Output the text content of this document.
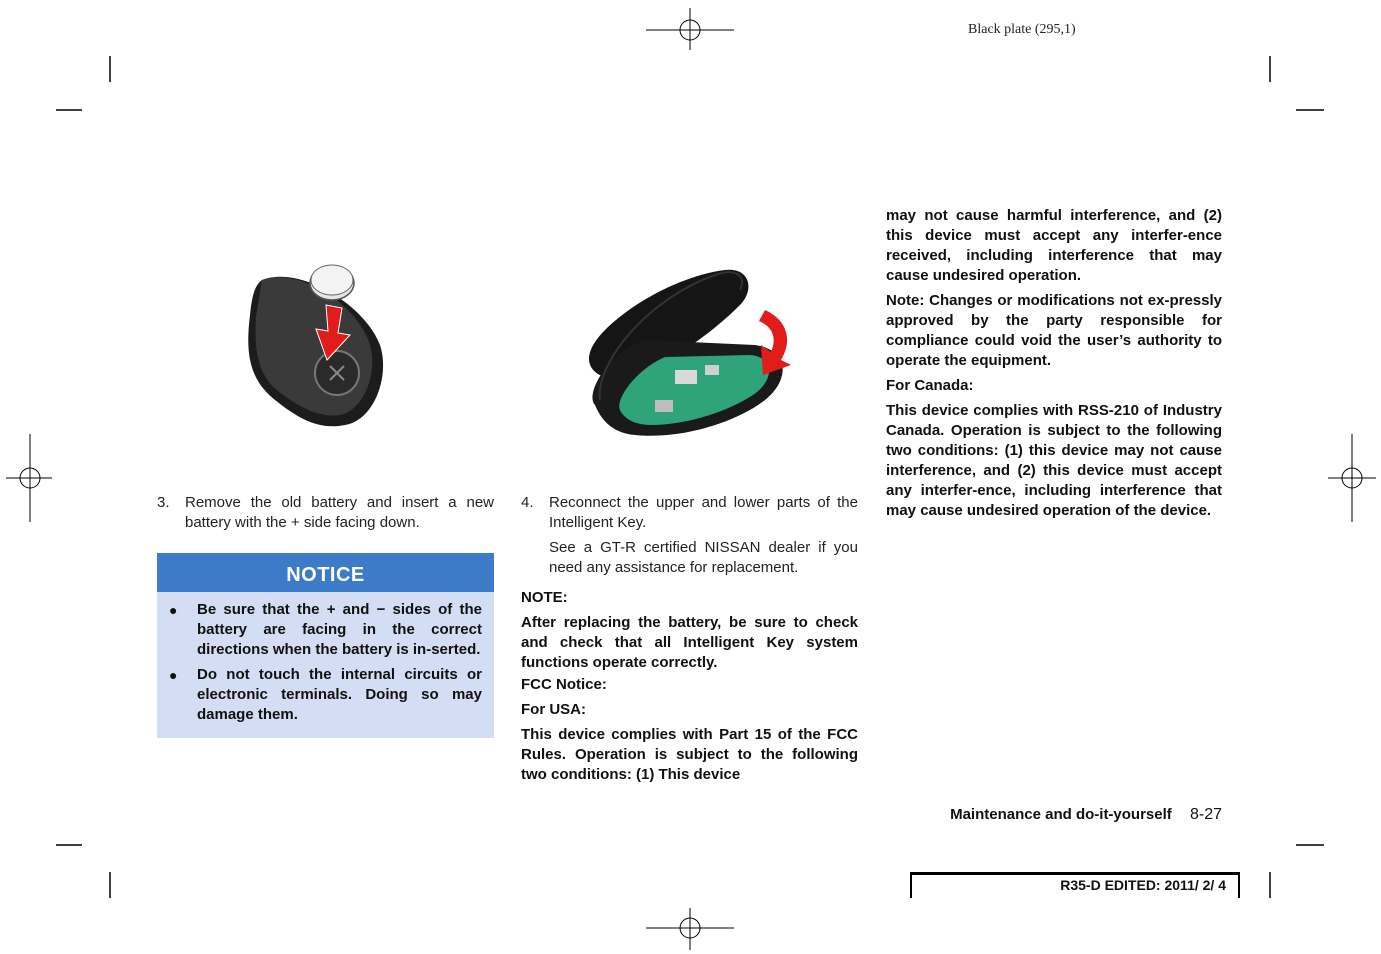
Black plate (295,1)
3. Remove the old battery and insert a new battery with the + side facing down.
NOTICE
● Be sure that the + and − sides of the battery are facing in the correct directions when the battery is in-serted.
● Do not touch the internal circuits or electronic terminals. Doing so may damage them.
4. Reconnect the upper and lower parts of the Intelligent Key.
See a GT-R certified NISSAN dealer if you need any assistance for replacement.
NOTE:
After replacing the battery, be sure to check and check that all Intelligent Key system functions operate correctly.
FCC Notice:
For USA:
This device complies with Part 15 of the FCC Rules. Operation is subject to the following two conditions: (1) This device
may not cause harmful interference, and (2) this device must accept any interfer-ence received, including interference that may cause undesired operation.
Note: Changes or modifications not ex-pressly approved by the party responsible for compliance could void the user’s authority to operate the equipment.
For Canada:
This device complies with RSS-210 of Industry Canada. Operation is subject to the following two conditions: (1) this device may not cause interference, and (2) this device must accept any interfer-ence, including interference that may cause undesired operation of the device.
Maintenance and do-it-yourself 8-27
R35-D EDITED: 2011/ 2/ 4
